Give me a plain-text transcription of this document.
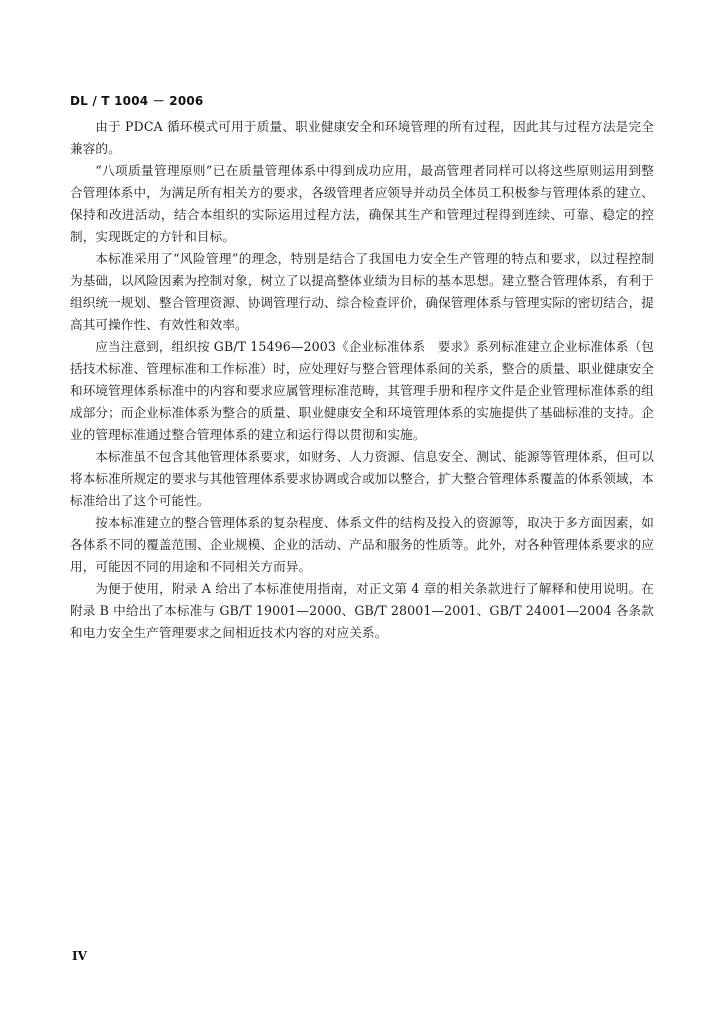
DL / T 1004 － 2006

由于 PDCA 循环模式可用于质量、职业健康安全和环境管理的所有过程，因此其与过程方法是完全兼容的。

“八项质量管理原则”已在质量管理体系中得到成功应用，最高管理者同样可以将这些原则运用到整合管理体系中，为满足所有相关方的要求，各级管理者应领导并动员全体员工积极参与管理体系的建立、保持和改进活动，结合本组织的实际运用过程方法，确保其生产和管理过程得到连续、可靠、稳定的控制，实现既定的方针和目标。

本标准采用了“风险管理”的理念，特别是结合了我国电力安全生产管理的特点和要求，以过程控制为基础，以风险因素为控制对象，树立了以提高整体业绩为目标的基本思想。建立整合管理体系，有利于组织统一规划、整合管理资源、协调管理行动、综合检查评价，确保管理体系与管理实际的密切结合，提高其可操作性、有效性和效率。

应当注意到，组织按 GB/T 15496—2003《企业标准体系　要求》系列标准建立企业标准体系（包括技术标准、管理标准和工作标准）时，应处理好与整合管理体系间的关系，整合的质量、职业健康安全和环境管理体系标准中的内容和要求应属管理标准范畴，其管理手册和程序文件是企业管理标准体系的组成部分；而企业标准体系为整合的质量、职业健康安全和环境管理体系的实施提供了基础标准的支持。企业的管理标准通过整合管理体系的建立和运行得以贯彻和实施。

本标准虽不包含其他管理体系要求，如财务、人力资源、信息安全、测试、能源等管理体系，但可以将本标准所规定的要求与其他管理体系要求协调或合或加以整合，扩大整合管理体系覆盖的体系领域，本标准给出了这个可能性。

按本标准建立的整合管理体系的复杂程度、体系文件的结构及投入的资源等，取决于多方面因素，如各体系不同的覆盖范围、企业规模、企业的活动、产品和服务的性质等。此外，对各种管理体系要求的应用，可能因不同的用途和不同相关方而异。

为便于使用，附录 A 给出了本标准使用指南，对正文第 4 章的相关条款进行了解释和使用说明。在附录 B 中给出了本标准与 GB/T 19001—2000、GB/T 28001—2001、GB/T 24001—2004 各条款和电力安全生产管理要求之间相近技术内容的对应关系。

IV
